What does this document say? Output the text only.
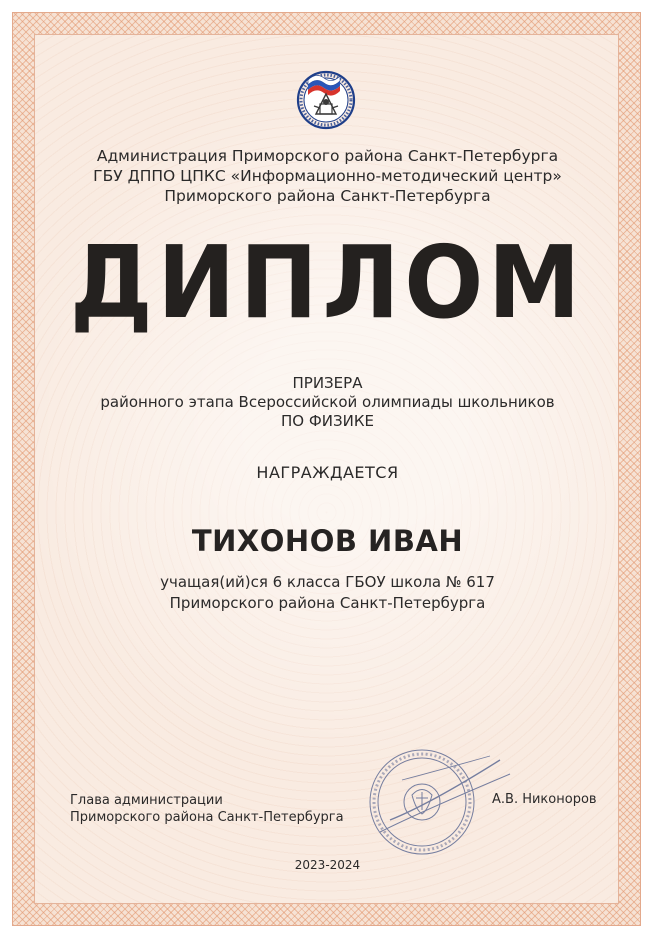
Администрация Приморского района Санкт-Петербурга
ГБУ ДППО ЦПКС «Информационно-методический центр»
Приморского района Санкт-Петербурга
ДИПЛОМ
ПРИЗЕРА
районного этапа Всероссийской олимпиады школьников
ПО ФИЗИКЕ
НАГРАЖДАЕТСЯ
ТИХОНОВ ИВАН
учащая(ий)ся 6 класса ГБОУ школа № 617
Приморского района Санкт-Петербурга
Глава администрации
Приморского района Санкт-Петербурга
А.В. Никоноров
2023-2024
